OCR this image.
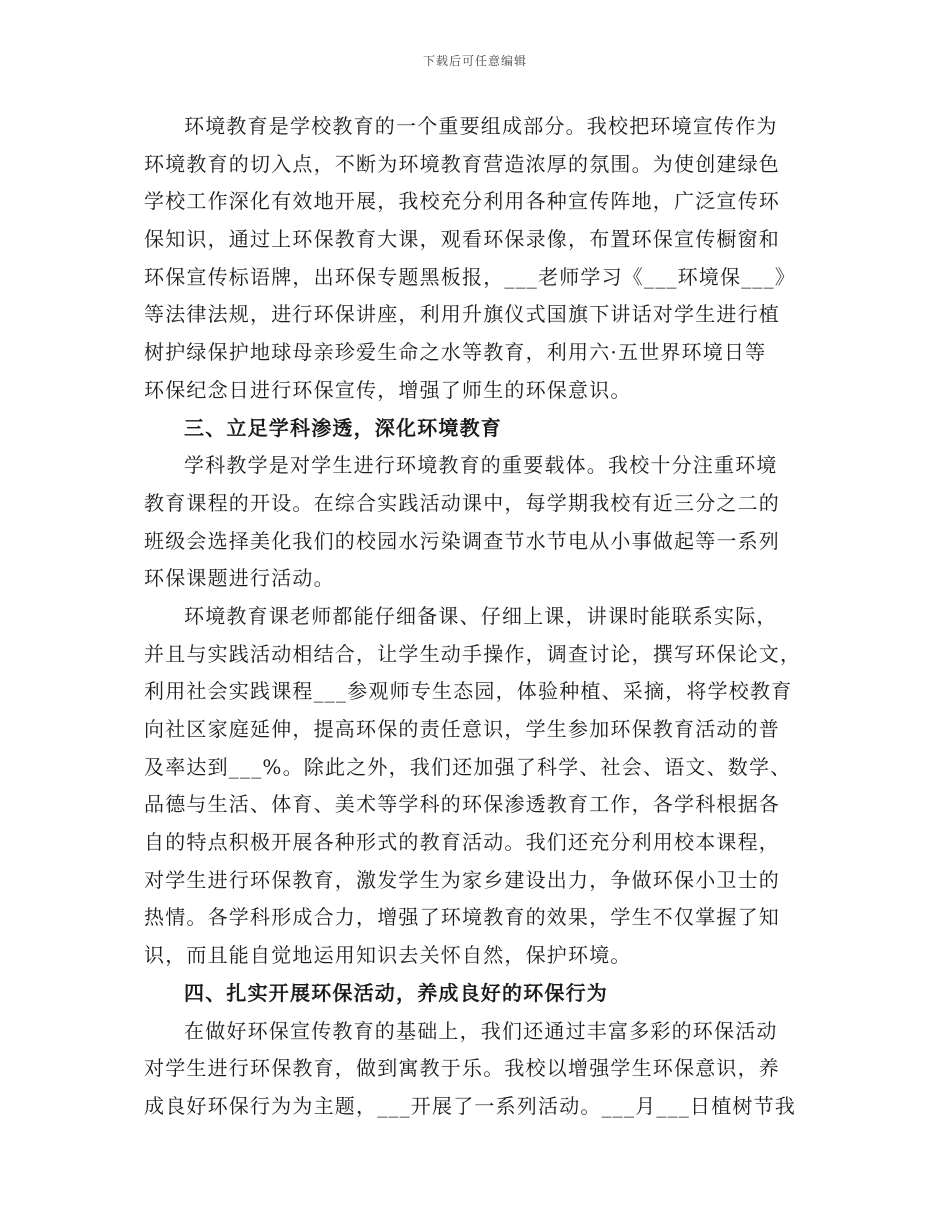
下载后可任意编辑
环境教育是学校教育的一个重要组成部分。我校把环境宣传作为
环境教育的切入点，不断为环境教育营造浓厚的氛围。为使创建绿色
学校工作深化有效地开展，我校充分利用各种宣传阵地，广泛宣传环
保知识，通过上环保教育大课，观看环保录像，布置环保宣传橱窗和
环保宣传标语牌，出环保专题黑板报，___老师学习《___环境保___》
等法律法规，进行环保讲座，利用升旗仪式国旗下讲话对学生进行植
树护绿保护地球母亲珍爱生命之水等教育，利用六·五世界环境日等
环保纪念日进行环保宣传，增强了师生的环保意识。
三、立足学科渗透，深化环境教育
学科教学是对学生进行环境教育的重要载体。我校十分注重环境
教育课程的开设。在综合实践活动课中，每学期我校有近三分之二的
班级会选择美化我们的校园水污染调查节水节电从小事做起等一系列
环保课题进行活动。
环境教育课老师都能仔细备课、仔细上课，讲课时能联系实际，
并且与实践活动相结合，让学生动手操作，调查讨论，撰写环保论文，
利用社会实践课程___参观师专生态园，体验种植、采摘，将学校教育
向社区家庭延伸，提高环保的责任意识，学生参加环保教育活动的普
及率达到___%。除此之外，我们还加强了科学、社会、语文、数学、
品德与生活、体育、美术等学科的环保渗透教育工作，各学科根据各
自的特点积极开展各种形式的教育活动。我们还充分利用校本课程，
对学生进行环保教育，激发学生为家乡建设出力，争做环保小卫士的
热情。各学科形成合力，增强了环境教育的效果，学生不仅掌握了知
识，而且能自觉地运用知识去关怀自然，保护环境。
四、扎实开展环保活动，养成良好的环保行为
在做好环保宣传教育的基础上，我们还通过丰富多彩的环保活动
对学生进行环保教育，做到寓教于乐。我校以增强学生环保意识，养
成良好环保行为为主题，___开展了一系列活动。___月___日植树节我
